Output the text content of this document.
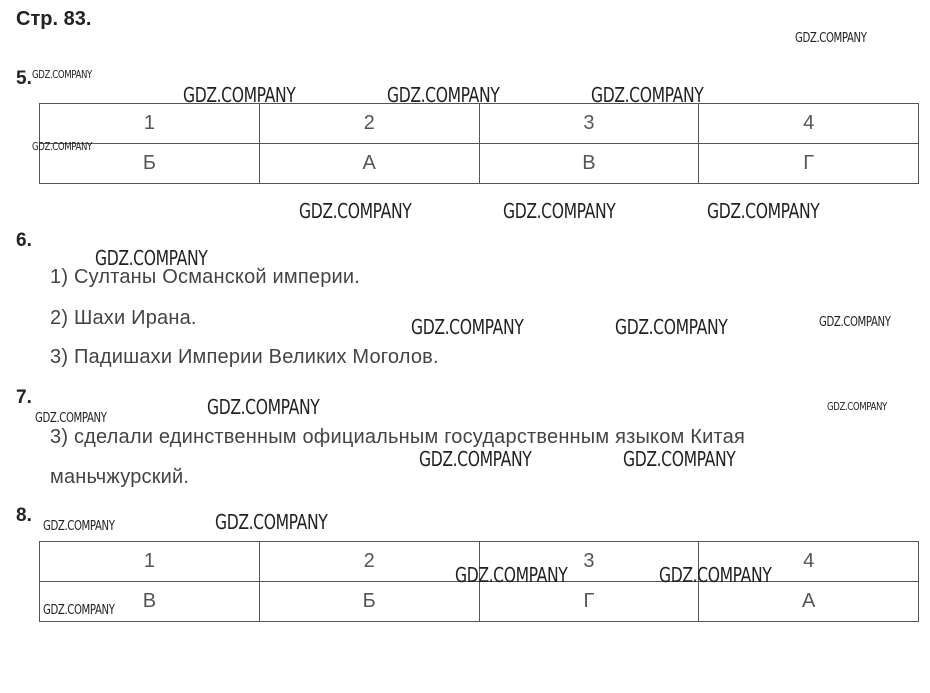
Стр. 83.
5.
1	2	3	4
Б	А	В	Г
6.
1) Султаны Османской империи.
2) Шахи Ирана.
3) Падишахи Империи Великих Моголов.
7.
3) сделали единственным официальным государственным языком Китая
маньчжурский.
8.
1	2	3	4
В	Б	Г	А
GDZ.COMPANY
GDZ.COMPANY
GDZ.COMPANY	GDZ.COMPANY	GDZ.COMPANY
GDZ.COMPANY
GDZ.COMPANY	GDZ.COMPANY	GDZ.COMPANY
GDZ.COMPANY
GDZ.COMPANY	GDZ.COMPANY	GDZ.COMPANY
GDZ.COMPANY	GDZ.COMPANY
GDZ.COMPANY
GDZ.COMPANY	GDZ.COMPANY
GDZ.COMPANY
GDZ.COMPANY
GDZ.COMPANY	GDZ.COMPANY
GDZ.COMPANY
